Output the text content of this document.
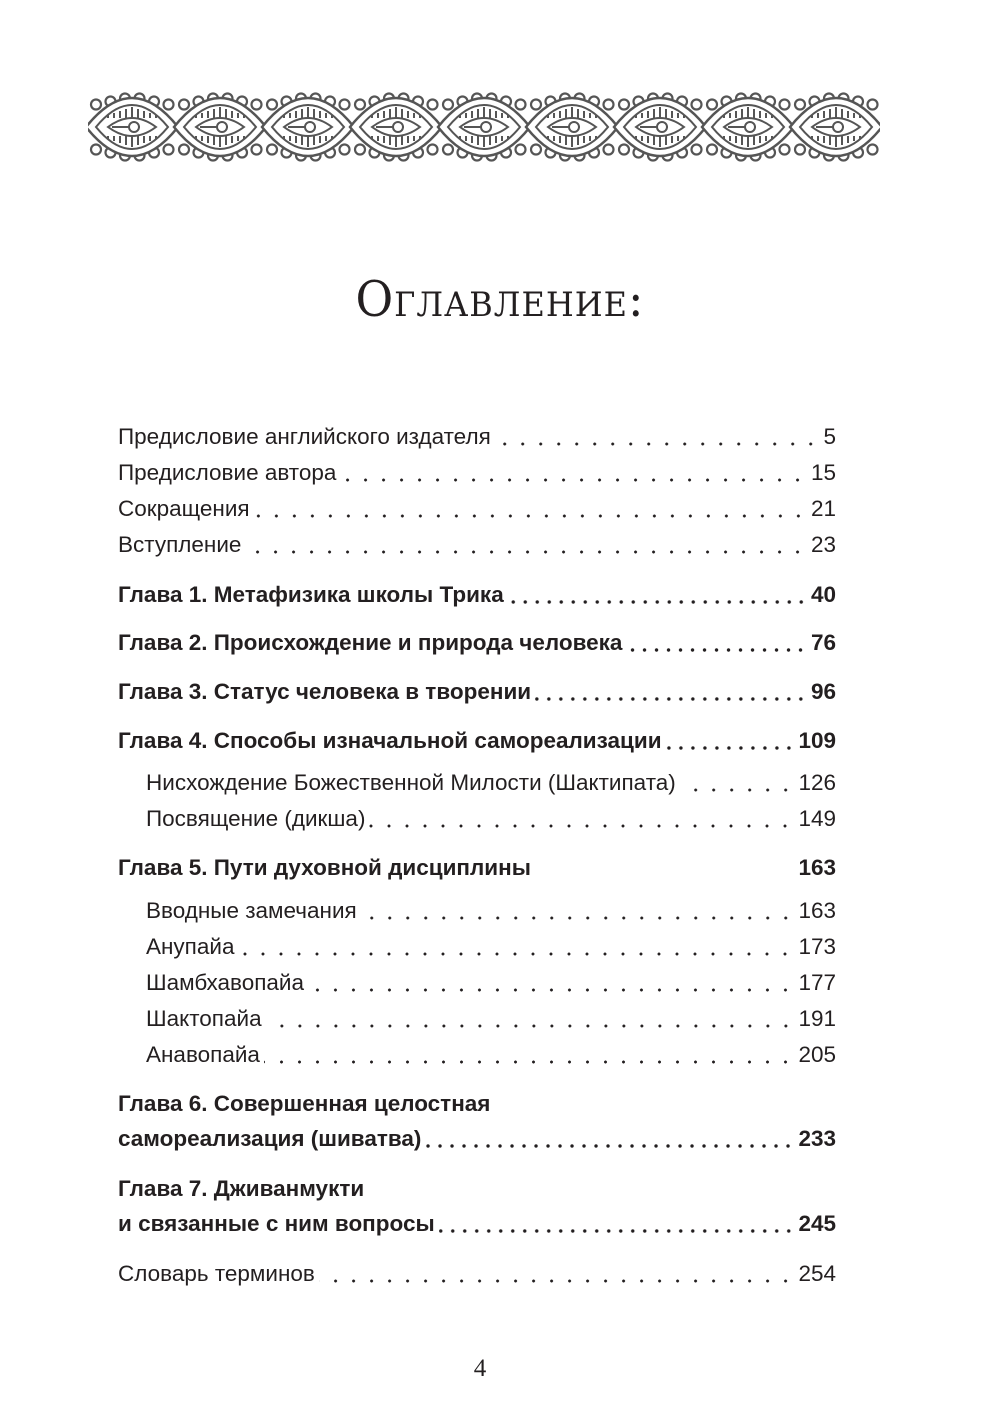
Оглавление:
Предисловие английского издателя	5
Предисловие автора	15
Сокращения	21
Вступление	23
Глава 1. Метафизика школы Трика	40
Глава 2. Происхождение и природа человека	76
Глава 3. Статус человека в творении	96
Глава 4. Способы изначальной самореализации	109
Нисхождение Божественной Милости (Шактипата)	126
Посвящение (дикша)	149
Глава 5. Пути духовной дисциплины	163
Вводные замечания	163
Анупайа	173
Шамбхавопайа	177
Шактопайа	191
Анавопайа	205
Глава 6. Совершенная целостная
самореализация (шиватва)	233
Глава 7. Дживанмукти
и связанные с ним вопросы	245
Словарь терминов	254
4
